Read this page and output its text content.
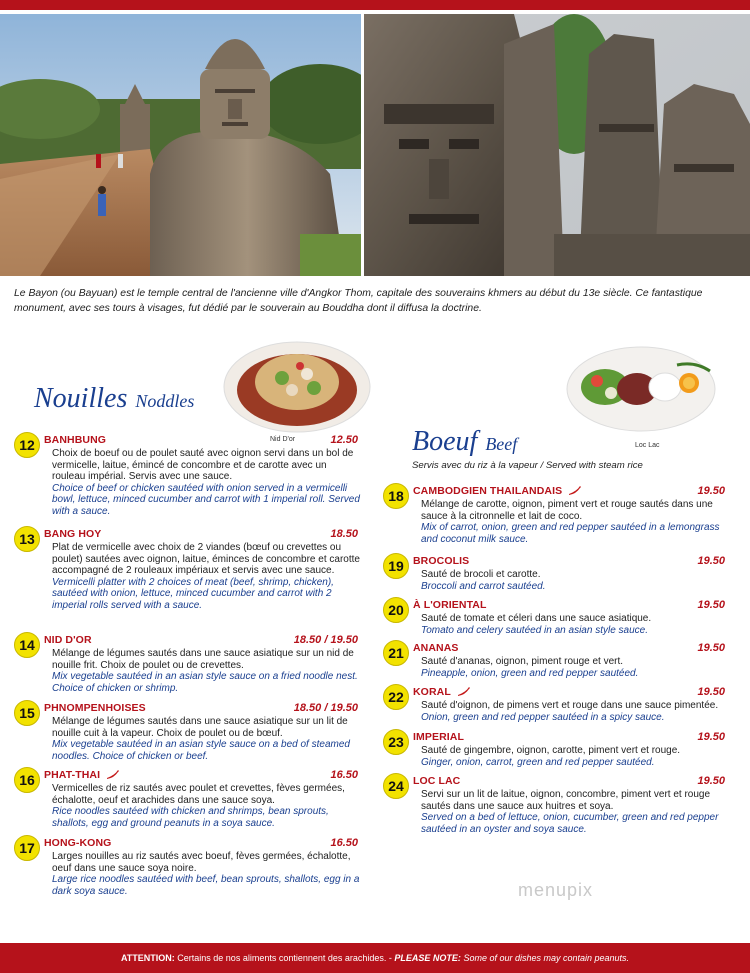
Le Bayon (ou Bayuan) est le temple central de l'ancienne ville d'Angkor Thom, capitale des souverains khmers au début du 13e siècle. Ce fantastique monument, avec ses tours à visages, fut dédié par le souverain au Bouddha dont il diffusa la doctrine.
Nouilles Noddles
Nid D'or
12 BANHBUNG	12.50
Choix de boeuf ou de poulet sauté avec oignon servi dans un bol de vermicelle, laitue, émincé de concombre et de carotte avec un rouleau impérial. Servis avec une sauce.
Choice of beef or chicken sautéed with onion served in a vermicelli bowl, lettuce, minced cucumber and carrot with 1 imperial roll. Served with a sauce.
13 BANG HOY	18.50
Plat de vermicelle avec choix de 2 viandes (bœuf ou crevettes ou poulet) sautées avec oignon, laitue, éminces de concombre et carotte accompagné de 2 rouleaux impériaux et servis avec une sauce.
Vermicelli platter with 2 choices of meat (beef, shrimp, chicken), sautéed with onion, lettuce, minced cucumber and carrot with 2 imperial rolls served with a sauce.
14 NID D'OR	18.50 / 19.50
Mélange de légumes sautés dans une sauce asiatique sur un nid de nouille frit. Choix de poulet ou de crevettes.
Mix vegetable sautéed in an asian style sauce on a fried noodle nest. Choice of chicken or shrimp.
15 PHNOMPENHOISES	18.50 / 19.50
Mélange de légumes sautés dans une sauce asiatique sur un lit de nouille cuit à la vapeur. Choix de poulet ou de bœuf.
Mix vegetable sautéed in an asian style sauce on a bed of steamed noodles. Choice of chicken or beef.
16 PHAT-THAI	16.50
Vermicelles de riz sautés avec poulet et crevettes, fèves germées, échalotte, oeuf et arachides dans une sauce soya.
Rice noodles sautéed with chicken and shrimps, bean sprouts, shallots, egg and ground peanuts in a soya sauce.
17 HONG-KONG	16.50
Larges nouilles au riz sautés avec boeuf, fèves germées, échalotte, oeuf dans une sauce soya noire.
Large rice noodles sautéed with beef, bean sprouts, shallots, egg in a dark soya sauce.
Boeuf Beef	Loc Lac
Servis avec du riz à la vapeur / Served with steam rice
18 CAMBODGIEN THAILANDAIS	19.50
Mélange de carotte, oignon, piment vert et rouge sautés dans une sauce à la citronnelle et lait de coco.
Mix of carrot, onion, green and red pepper sautéed in a lemongrass and coconut milk sauce.
19 BROCOLIS	19.50
Sauté de brocoli et carotte.
Broccoli and carrot sautéed.
20 À L'ORIENTAL	19.50
Sauté de tomate et céleri dans une sauce asiatique.
Tomato and celery sautéed in an asian style sauce.
21 ANANAS	19.50
Sauté d'ananas, oignon, piment rouge et vert.
Pineapple, onion, green and red pepper sautéed.
22 KORAL	19.50
Sauté d'oignon, de pimens vert et rouge dans une sauce pimentée.
Onion, green and red pepper sautéed in a spicy sauce.
23 IMPERIAL	19.50
Sauté de gingembre, oignon, carotte, piment vert et rouge.
Ginger, onion, carrot, green and red pepper sautéed.
24 LOC LAC	19.50
Servi sur un lit de laitue, oignon, concombre, piment vert et rouge sautés dans une sauce aux huitres et soya.
Served on a bed of lettuce, onion, cucumber, green and red pepper sautéed in an oyster and soya sauce.
menupix
ATTENTION: Certains de nos aliments contiennent des arachides. - PLEASE NOTE: Some of our dishes may contain peanuts.
